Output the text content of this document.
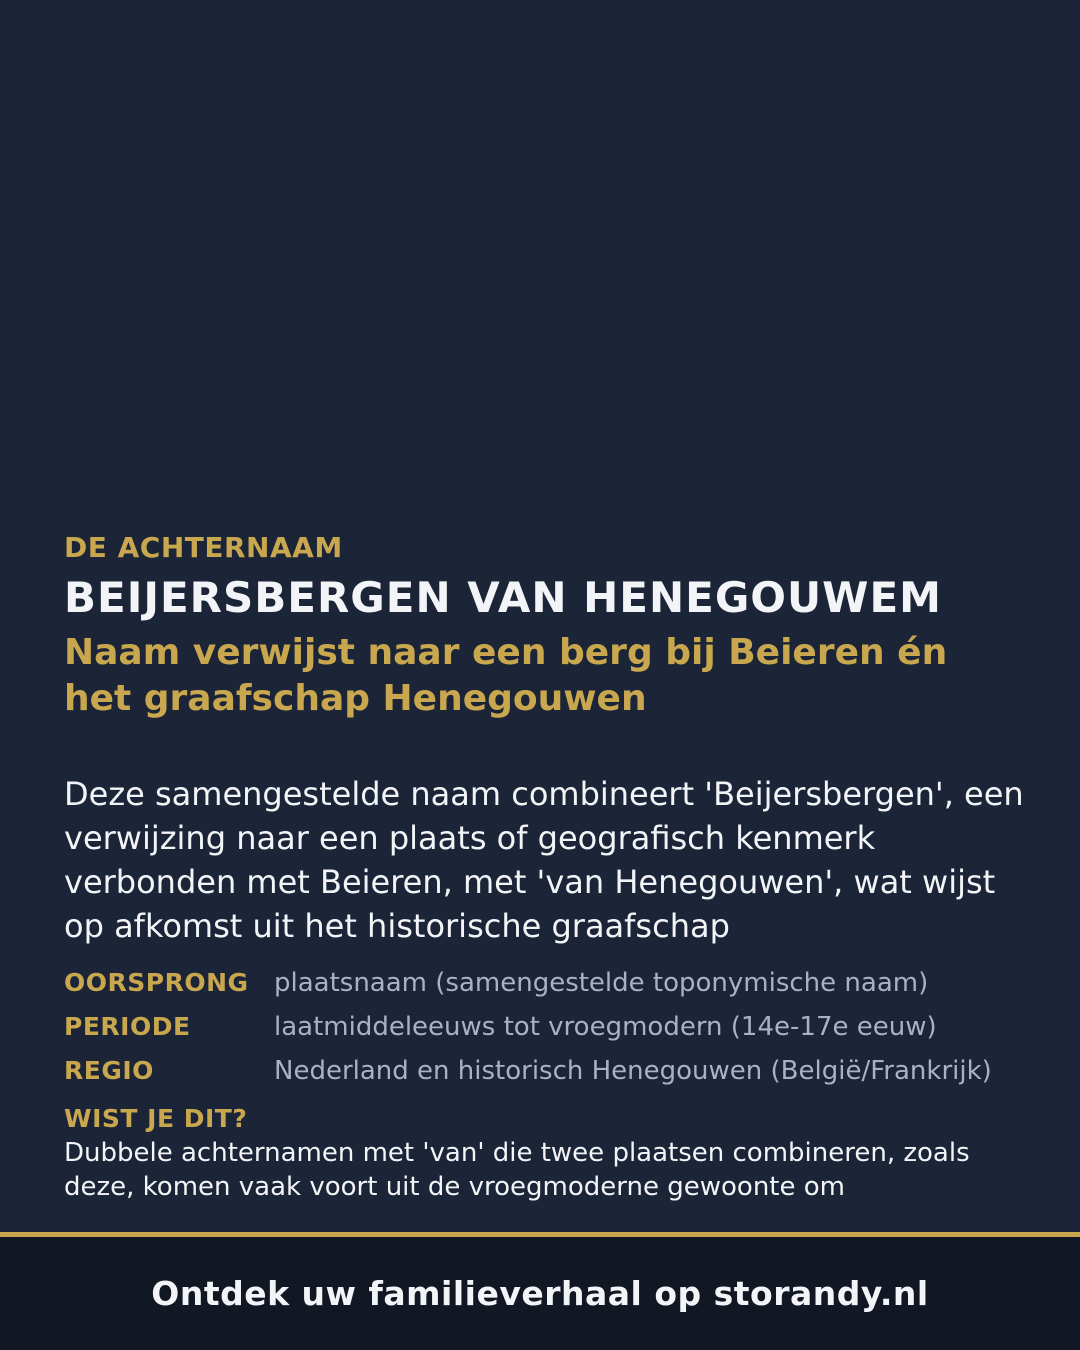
DE ACHTERNAAM
BEIJERSBERGEN VAN HENEGOUWEM
Naam verwijst naar een berg bij Beieren én het graafschap Henegouwen
Deze samengestelde naam combineert 'Beijersbergen', een verwijzing naar een plaats of geografisch kenmerk verbonden met Beieren, met 'van Henegouwen', wat wijst op afkomst uit het historische graafschap
OORSPRONG plaatsnaam (samengestelde toponymische naam)
PERIODE	laatmiddeleeuws tot vroegmodern (14e-17e eeuw)
REGIO	Nederland en historisch Henegouwen (België/Frankrijk)
WIST JE DIT?
Dubbele achternamen met 'van' die twee plaatsen combineren, zoals deze, komen vaak voort uit de vroegmoderne gewoonte om
Ontdek uw familieverhaal op storandy.nl
